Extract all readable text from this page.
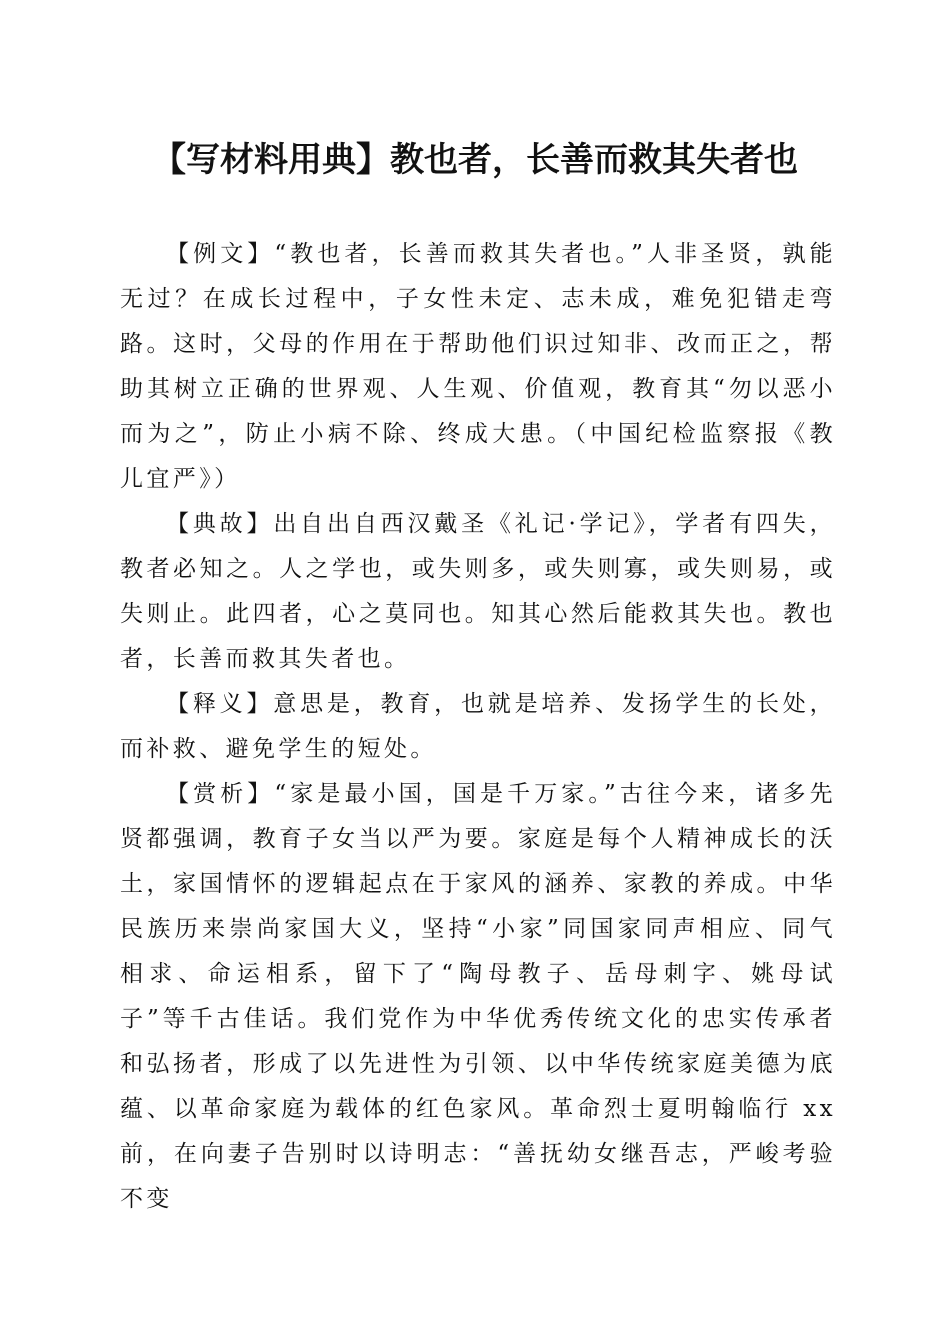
【写材料用典】教也者，长善而救其失者也

【例文】“教也者，长善而救其失者也。”人非圣贤，孰能无过？在成长过程中，子女性未定、志未成，难免犯错走弯路。这时，父母的作用在于帮助他们识过知非、改而正之，帮助其树立正确的世界观、人生观、价值观，教育其“勿以恶小而为之”，防止小病不除、终成大患。（中国纪检监察报《教儿宜严》）

【典故】出自出自西汉戴圣《礼记·学记》，学者有四失，教者必知之。人之学也，或失则多，或失则寡，或失则易，或失则止。此四者，心之莫同也。知其心然后能救其失也。教也者，长善而救其失者也。

【释义】意思是，教育，也就是培养、发扬学生的长处，而补救、避免学生的短处。

【赏析】“家是最小国，国是千万家。”古往今来，诸多先贤都强调，教育子女当以严为要。家庭是每个人精神成长的沃土，家国情怀的逻辑起点在于家风的涵养、家教的养成。中华民族历来崇尚家国大义，坚持“小家”同国家同声相应、同气相求、命运相系，留下了“陶母教子、岳母刺字、姚母试子”等千古佳话。我们党作为中华优秀传统文化的忠实传承者和弘扬者，形成了以先进性为引领、以中华传统家庭美德为底蕴、以革命家庭为载体的红色家风。革命烈士夏明翰临行 xx 前，在向妻子告别时以诗明志：“善抚幼女继吾志，严峻考验不变
